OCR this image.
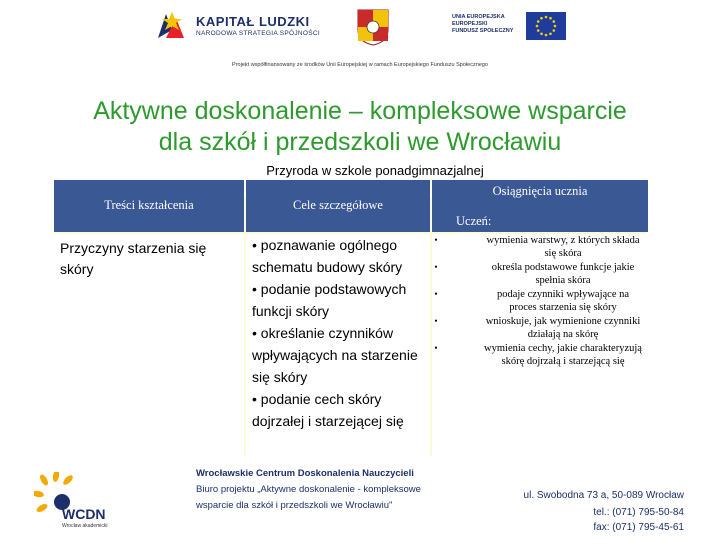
KAPITAŁ LUDZKI
NARODOWA STRATEGIA SPÓJNOŚCI
UNIA EUROPEJSKA
EUROPEJSKI
FUNDUSZ SPOŁECZNY
Projekt współfinansowany ze środków Unii Europejskiej w ramach Europejskiego Funduszu Społecznego
Aktywne doskonalenie – kompleksowe wsparcie
dla szkół i przedszkoli we Wrocławiu
Przyroda w szkole ponadgimnazjalnej
Treści kształcenia	Cele szczegółowe
Osiągnięcia ucznia
Uczeń:
Przyczyny starzenia się skóry
• poznawanie ogólnego schematu budowy skóry
• podanie podstawowych funkcji skóry
• określanie czynników wpływających na starzenie się skóry
• podanie cech skóry dojrzałej i starzejącej się
• wymienia warstwy, z których składa się skóra
• określa podstawowe funkcje jakie spełnia skóra
• podaje czynniki wpływające na proces starzenia się skóry
• wnioskuje, jak wymienione czynniki działają na skórę
• wymienia cechy, jakie charakteryzują skórę dojrzałą i starzejącą się
WCDN
Wrocław akademicki
Wrocławskie Centrum Doskonalenia Nauczycieli
Biuro projektu „Aktywne doskonalenie - kompleksowe
wsparcie dla szkół i przedszkoli we Wrocławiu"
ul. Swobodna 73 a, 50-089 Wrocław
tel.: (071) 795-50-84
fax: (071) 795-45-61
